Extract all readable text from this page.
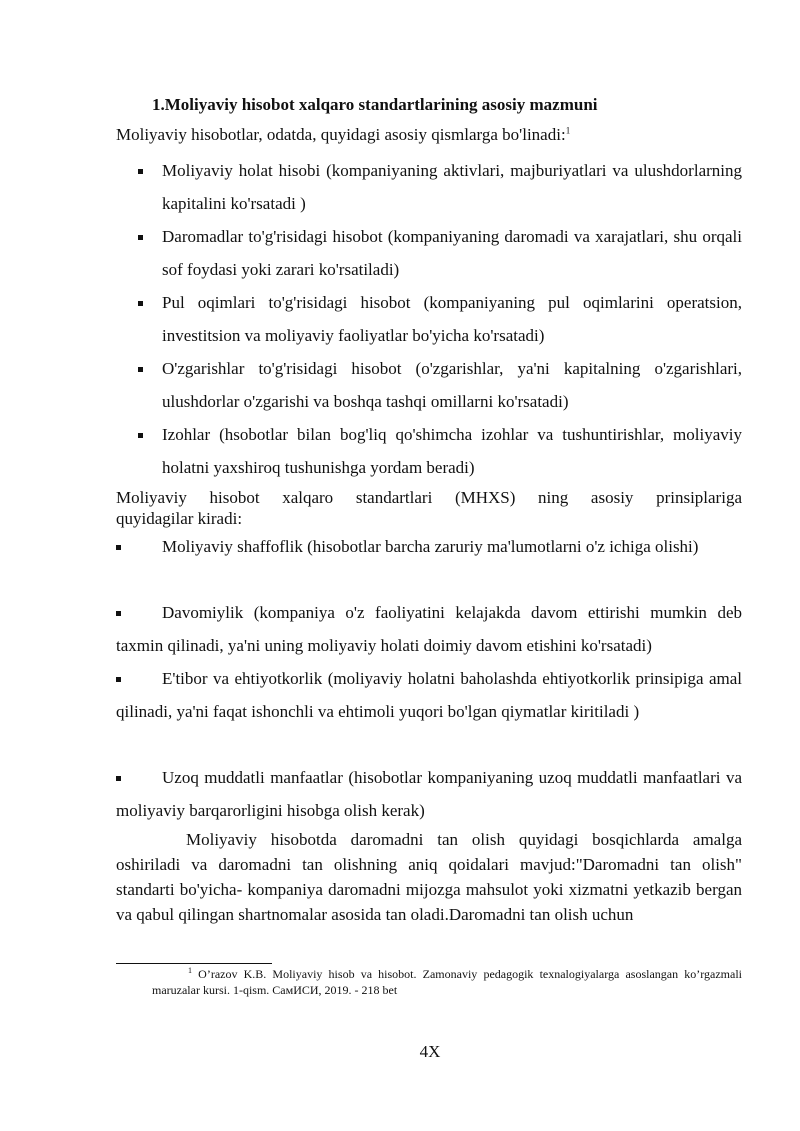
1.Moliyaviy hisobot xalqaro standartlarining asosiy mazmuni
Moliyaviy hisobotlar, odatda, quyidagi asosiy qismlarga bo'linadi:$^1$
Moliyaviy holat hisobi (kompaniyaning aktivlari, majburiyatlari va ulushdorlarning kapitalini ko'rsatadi )
Daromadlar to'g'risidagi hisobot (kompaniyaning daromadi va xarajatlari, shu orqali sof foydasi yoki zarari ko'rsatiladi)
Pul oqimlari to'g'risidagi hisobot (kompaniyaning pul oqimlarini operatsion, investitsion va moliyaviy faoliyatlar bo'yicha ko'rsatadi)
O'zgarishlar to'g'risidagi hisobot (o'zgarishlar, ya'ni kapitalning o'zgarishlari, ulushdorlar o'zgarishi va boshqa tashqi omillarni ko'rsatadi)
Izohlar (hsobotlar bilan bog'liq qo'shimcha izohlar va tushuntirishlar, moliyaviy holatni yaxshiroq tushunishga yordam beradi)
Moliyaviy hisobot xalqaro standartlari (MHXS) ning asosiy prinsiplariga
quyidagilar kiradi:
Moliyaviy shaffoflik (hisobotlar barcha zaruriy ma'lumotlarni o'z ichiga olishi)
Davomiylik (kompaniya o'z faoliyatini kelajakda davom ettirishi mumkin deb taxmin qilinadi, ya'ni uning moliyaviy holati doimiy davom etishini ko'rsatadi)
E'tibor va ehtiyotkorlik (moliyaviy holatni baholashda ehtiyotkorlik prinsipiga amal qilinadi, ya'ni faqat ishonchli va ehtimoli yuqori bo'lgan qiymatlar kiritiladi )
Uzoq muddatli manfaatlar (hisobotlar kompaniyaning uzoq muddatli manfaatlari va moliyaviy barqarorligini hisobga olish kerak)
Moliyaviy hisobotda daromadni tan olish quyidagi bosqichlarda amalga oshiriladi va daromadni tan olishning aniq qoidalari mavjud:"Daromadni tan olish" standarti bo'yicha- kompaniya daromadni mijozga mahsulot yoki xizmatni yetkazib bergan va qabul qilingan shartnomalar asosida tan oladi.Daromadni tan olish uchun
$^1$ O’razov K.B. Moliyaviy hisob va hisobot. Zamonaviy pedagogik texnalogiyalarga asoslangan ko’rgazmali maruzalar kursi. 1-qism. СамИСИ, 2019. - 218 bet
4X
